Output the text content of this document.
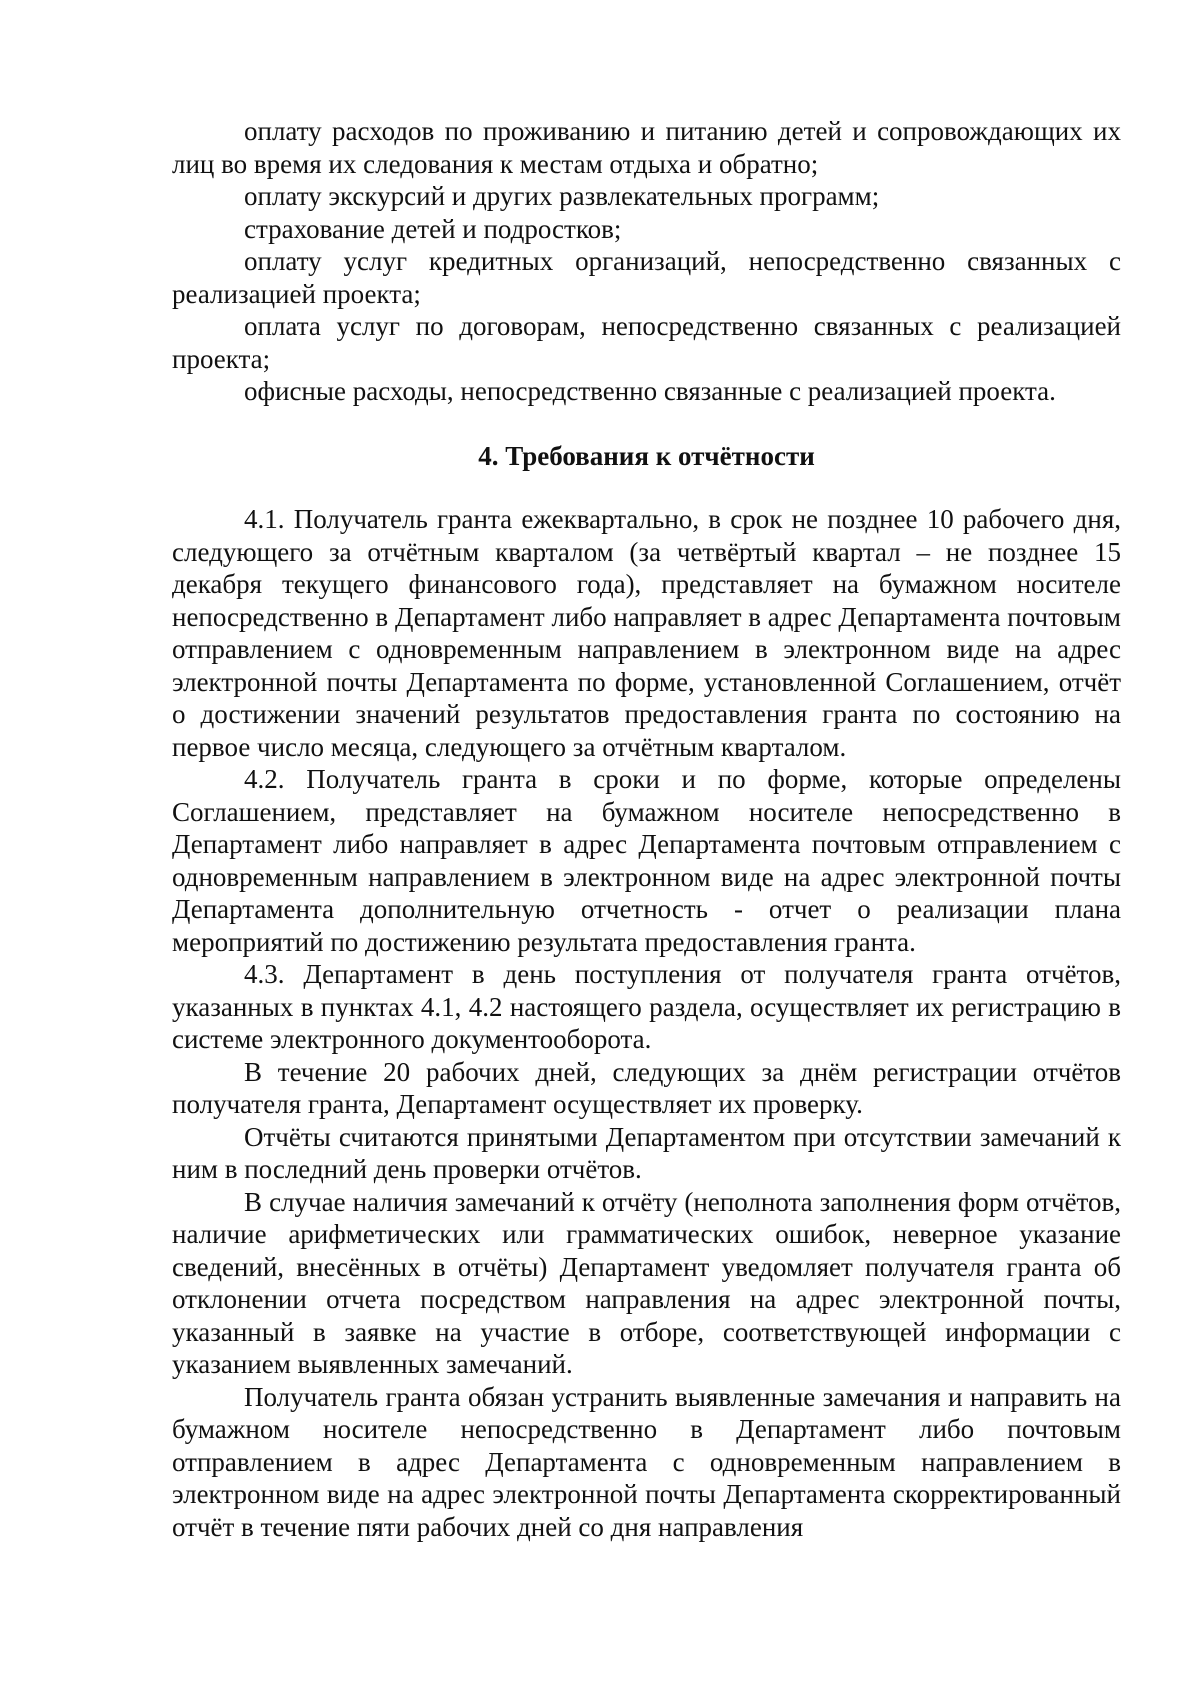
оплату расходов по проживанию и питанию детей и сопровождающих их лиц во время их следования к местам отдыха и обратно;

оплату экскурсий и других развлекательных программ;

страхование детей и подростков;

оплату услуг кредитных организаций, непосредственно связанных с реализацией проекта;

оплата услуг по договорам, непосредственно связанных с реализацией проекта;

офисные расходы, непосредственно связанные с реализацией проекта.

4. Требования к отчётности

4.1. Получатель гранта ежеквартально, в срок не позднее 10 рабочего дня, следующего за отчётным кварталом (за четвёртый квартал – не позднее 15 декабря текущего финансового года), представляет на бумажном носителе непосредственно в Департамент либо направляет в адрес Департамента почтовым отправлением с одновременным направлением в электронном виде на адрес электронной почты Департамента по форме, установленной Соглашением, отчёт о достижении значений результатов предоставления гранта по состоянию на первое число месяца, следующего за отчётным кварталом.

4.2. Получатель гранта в сроки и по форме, которые определены Соглашением, представляет на бумажном носителе непосредственно в Департамент либо направляет в адрес Департамента почтовым отправлением с одновременным направлением в электронном виде на адрес электронной почты Департамента дополнительную отчетность - отчет о реализации плана мероприятий по достижению результата предоставления гранта.

4.3. Департамент в день поступления от получателя гранта отчётов, указанных в пунктах 4.1, 4.2 настоящего раздела, осуществляет их регистрацию в системе электронного документооборота.

В течение 20 рабочих дней, следующих за днём регистрации отчётов получателя гранта, Департамент осуществляет их проверку.

Отчёты считаются принятыми Департаментом при отсутствии замечаний к ним в последний день проверки отчётов.

В случае наличия замечаний к отчёту (неполнота заполнения форм отчётов, наличие арифметических или грамматических ошибок, неверное указание сведений, внесённых в отчёты) Департамент уведомляет получателя гранта об отклонении отчета посредством направления на адрес электронной почты, указанный в заявке на участие в отборе, соответствующей информации с указанием выявленных замечаний.

Получатель гранта обязан устранить выявленные замечания и направить на бумажном носителе непосредственно в Департамент либо почтовым отправлением в адрес Департамента с одновременным направлением в электронном виде на адрес электронной почты Департамента скорректированный отчёт в течение пяти рабочих дней со дня направления
